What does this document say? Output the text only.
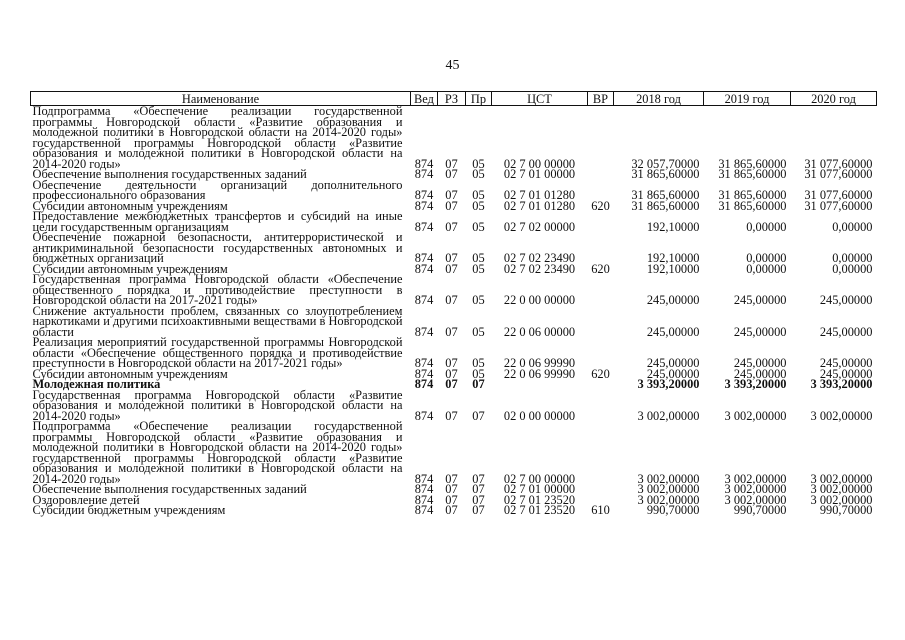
45
Наименование	Вед	РЗ	Пр	ЦСТ	ВР	2018 год	2019 год	2020 год
Подпрограмма «Обеспечение реализации государственной программы Новгородской области «Развитие образования и молодежной политики в Новгородской области на 2014-2020 годы» государственной программы Новгородской области «Развитие образования и молодежной политики в Новгородской области на 2014-2020 годы»	874	07	05	02 7 00 00000		32 057,70000	31 865,60000	31 077,60000
Обеспечение выполнения государственных заданий	874	07	05	02 7 01 00000		31 865,60000	31 865,60000	31 077,60000
Обеспечение деятельности организаций дополнительного профессионального образования	874	07	05	02 7 01 01280		31 865,60000	31 865,60000	31 077,60000
Субсидии автономным учреждениям	874	07	05	02 7 01 01280	620	31 865,60000	31 865,60000	31 077,60000
Предоставление межбюджетных трансфертов и субсидий на иные цели государственным организациям	874	07	05	02 7 02 00000		192,10000	0,00000	0,00000
Обеспечение пожарной безопасности, антитеррористической и антикриминальной безопасности государственных автономных и бюджетных организаций	874	07	05	02 7 02 23490		192,10000	0,00000	0,00000
Субсидии автономным учреждениям	874	07	05	02 7 02 23490	620	192,10000	0,00000	0,00000
Государственная программа Новгородской области «Обеспечение общественного порядка и противодействие преступности в Новгородской области на 2017-2021 годы»	874	07	05	22 0 00 00000		245,00000	245,00000	245,00000
Снижение актуальности проблем, связанных со злоупотреблением наркотиками и другими психоактивными веществами в Новгородской области	874	07	05	22 0 06 00000		245,00000	245,00000	245,00000
Реализация мероприятий государственной программы Новгородской области «Обеспечение общественного порядка и противодействие преступности в Новгородской области на 2017-2021 годы»	874	07	05	22 0 06 99990		245,00000	245,00000	245,00000
Субсидии автономным учреждениям	874	07	05	22 0 06 99990	620	245,00000	245,00000	245,00000
Молодежная политика	874	07	07			3 393,20000	3 393,20000	3 393,20000
Государственная программа Новгородской области «Развитие образования и молодежной политики в Новгородской области на 2014-2020 годы»	874	07	07	02 0 00 00000		3 002,00000	3 002,00000	3 002,00000
Подпрограмма «Обеспечение реализации государственной программы Новгородской области «Развитие образования и молодежной политики в Новгородской области на 2014-2020 годы» государственной программы Новгородской области «Развитие образования и молодежной политики в Новгородской области на 2014-2020 годы»	874	07	07	02 7 00 00000		3 002,00000	3 002,00000	3 002,00000
Обеспечение выполнения государственных заданий	874	07	07	02 7 01 00000		3 002,00000	3 002,00000	3 002,00000
Оздоровление детей	874	07	07	02 7 01 23520		3 002,00000	3 002,00000	3 002,00000
Субсидии бюджетным учреждениям	874	07	07	02 7 01 23520	610	990,70000	990,70000	990,70000
